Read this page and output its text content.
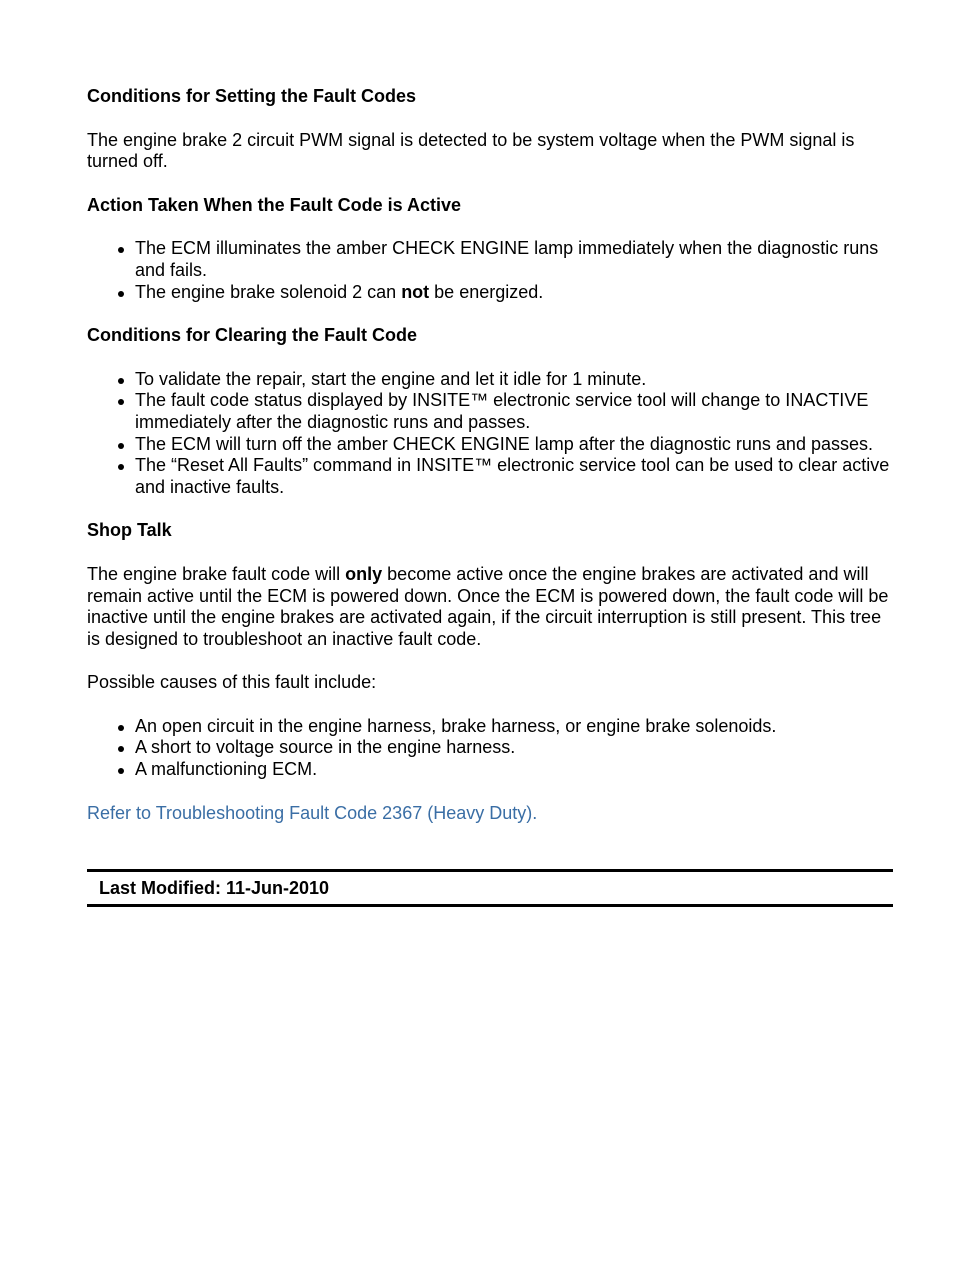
Conditions for Setting the Fault Codes

The engine brake 2 circuit PWM signal is detected to be system voltage when the PWM signal is turned off.

Action Taken When the Fault Code is Active
The ECM illuminates the amber CHECK ENGINE lamp immediately when the diagnostic runs and fails.
The engine brake solenoid 2 can not be energized.
Conditions for Clearing the Fault Code
To validate the repair, start the engine and let it idle for 1 minute.
The fault code status displayed by INSITE™ electronic service tool will change to INACTIVE immediately after the diagnostic runs and passes.
The ECM will turn off the amber CHECK ENGINE lamp after the diagnostic runs and passes.
The “Reset All Faults” command in INSITE™ electronic service tool can be used to clear active and inactive faults.
Shop Talk

The engine brake fault code will only become active once the engine brakes are activated and will remain active until the ECM is powered down. Once the ECM is powered down, the fault code will be inactive until the engine brakes are activated again, if the circuit interruption is still present. This tree is designed to troubleshoot an inactive fault code.

Possible causes of this fault include:

An open circuit in the engine harness, brake harness, or engine brake solenoids.
A short to voltage source in the engine harness.
A malfunctioning ECM.
Refer to Troubleshooting Fault Code 2367 (Heavy Duty).
Last Modified: 11-Jun-2010
